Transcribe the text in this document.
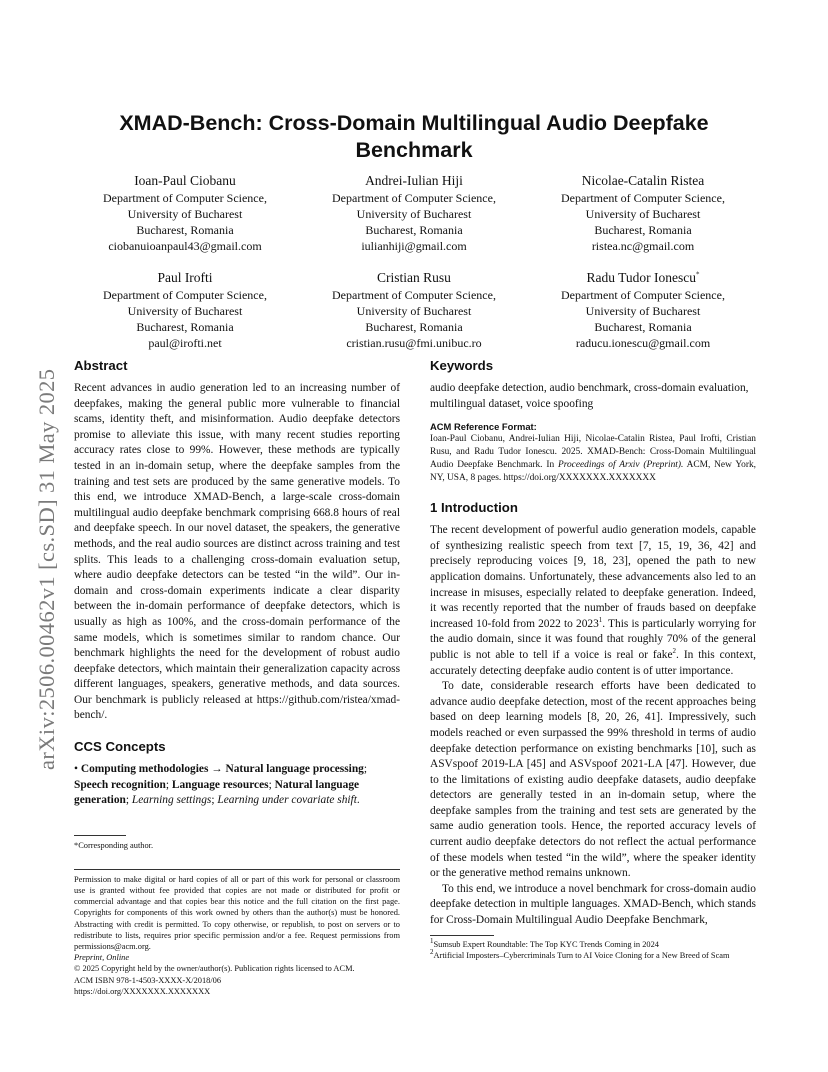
arXiv:2506.00462v1 [cs.SD] 31 May 2025
XMAD-Bench: Cross-Domain Multilingual Audio Deepfake Benchmark
Ioan-Paul Ciobanu
Department of Computer Science,
University of Bucharest
Bucharest, Romania
ciobanuioanpaul43@gmail.com
Andrei-Iulian Hiji
Department of Computer Science,
University of Bucharest
Bucharest, Romania
iulianhiji@gmail.com
Nicolae-Catalin Ristea
Department of Computer Science,
University of Bucharest
Bucharest, Romania
ristea.nc@gmail.com
Paul Irofti
Department of Computer Science,
University of Bucharest
Bucharest, Romania
paul@irofti.net
Cristian Rusu
Department of Computer Science,
University of Bucharest
Bucharest, Romania
cristian.rusu@fmi.unibuc.ro
Radu Tudor Ionescu*
Department of Computer Science,
University of Bucharest
Bucharest, Romania
raducu.ionescu@gmail.com
Abstract

Recent advances in audio generation led to an increasing number of deepfakes, making the general public more vulnerable to financial scams, identity theft, and misinformation. Audio deepfake detectors promise to alleviate this issue, with many recent studies reporting accuracy rates close to 99%. However, these methods are typically tested in an in-domain setup, where the deepfake samples from the training and test sets are produced by the same generative models. To this end, we introduce XMAD-Bench, a large-scale cross-domain multilingual audio deepfake benchmark comprising 668.8 hours of real and deepfake speech. In our novel dataset, the speakers, the generative methods, and the real audio sources are distinct across training and test splits. This leads to a challenging cross-domain evaluation setup, where audio deepfake detectors can be tested “in the wild”. Our in-domain and cross-domain experiments indicate a clear disparity between the in-domain performance of deepfake detectors, which is usually as high as 100%, and the cross-domain performance of the same models, which is sometimes similar to random chance. Our benchmark highlights the need for the development of robust audio deepfake detectors, which maintain their generalization capacity across different languages, speakers, generative methods, and data sources. Our benchmark is publicly released at https://github.com/ristea/xmad-bench/.

CCS Concepts

• Computing methodologies → Natural language processing; Speech recognition; Language resources; Natural language generation; Learning settings; Learning under covariate shift.

*Corresponding author.
Permission to make digital or hard copies of all or part of this work for personal or classroom use is granted without fee provided that copies are not made or distributed for profit or commercial advantage and that copies bear this notice and the full citation on the first page. Copyrights for components of this work owned by others than the author(s) must be honored. Abstracting with credit is permitted. To copy otherwise, or republish, to post on servers or to redistribute to lists, requires prior specific permission and/or a fee. Request permissions from permissions@acm.org.
Preprint, Online
© 2025 Copyright held by the owner/author(s). Publication rights licensed to ACM.
ACM ISBN 978-1-4503-XXXX-X/2018/06
https://doi.org/XXXXXXX.XXXXXXX
Keywords

audio deepfake detection, audio benchmark, cross-domain evaluation, multilingual dataset, voice spoofing

ACM Reference Format:

Ioan-Paul Ciobanu, Andrei-Iulian Hiji, Nicolae-Catalin Ristea, Paul Irofti, Cristian Rusu, and Radu Tudor Ionescu. 2025. XMAD-Bench: Cross-Domain Multilingual Audio Deepfake Benchmark. In Proceedings of Arxiv (Preprint). ACM, New York, NY, USA, 8 pages. https://doi.org/XXXXXXX.XXXXXXX

1 Introduction

The recent development of powerful audio generation models, capable of synthesizing realistic speech from text [7, 15, 19, 36, 42] and precisely reproducing voices [9, 18, 23], opened the path to new application domains. Unfortunately, these advancements also led to an increase in misuses, especially related to deepfake generation. Indeed, it was recently reported that the number of frauds based on deepfake increased 10-fold from 2022 to 2023$^1$. This is particularly worrying for the audio domain, since it was found that roughly 70% of the general public is not able to tell if a voice is real or fake$^2$. In this context, accurately detecting deepfake audio content is of utter importance.

To date, considerable research efforts have been dedicated to advance audio deepfake detection, most of the recent approaches being based on deep learning models [8, 20, 26, 41]. Impressively, such models reached or even surpassed the 99% threshold in terms of audio deepfake detection performance on existing benchmarks [10], such as ASVspoof 2019-LA [45] and ASVspoof 2021-LA [47]. However, due to the limitations of existing audio deepfake datasets, audio deepfake detectors are generally tested in an in-domain setup, where the deepfake samples from the training and test sets are generated by the same audio generation tools. Hence, the reported accuracy levels of current audio deepfake detectors do not reflect the actual performance of these models when tested “in the wild”, where the speaker identity or the generative method remains unknown.

To this end, we introduce a novel benchmark for cross-domain audio deepfake detection in multiple languages. XMAD-Bench, which stands for Cross-Domain Multilingual Audio Deepfake Benchmark,

$^1$Sumsub Expert Roundtable: The Top KYC Trends Coming in 2024
$^2$Artificial Imposters–Cybercriminals Turn to AI Voice Cloning for a New Breed of Scam
